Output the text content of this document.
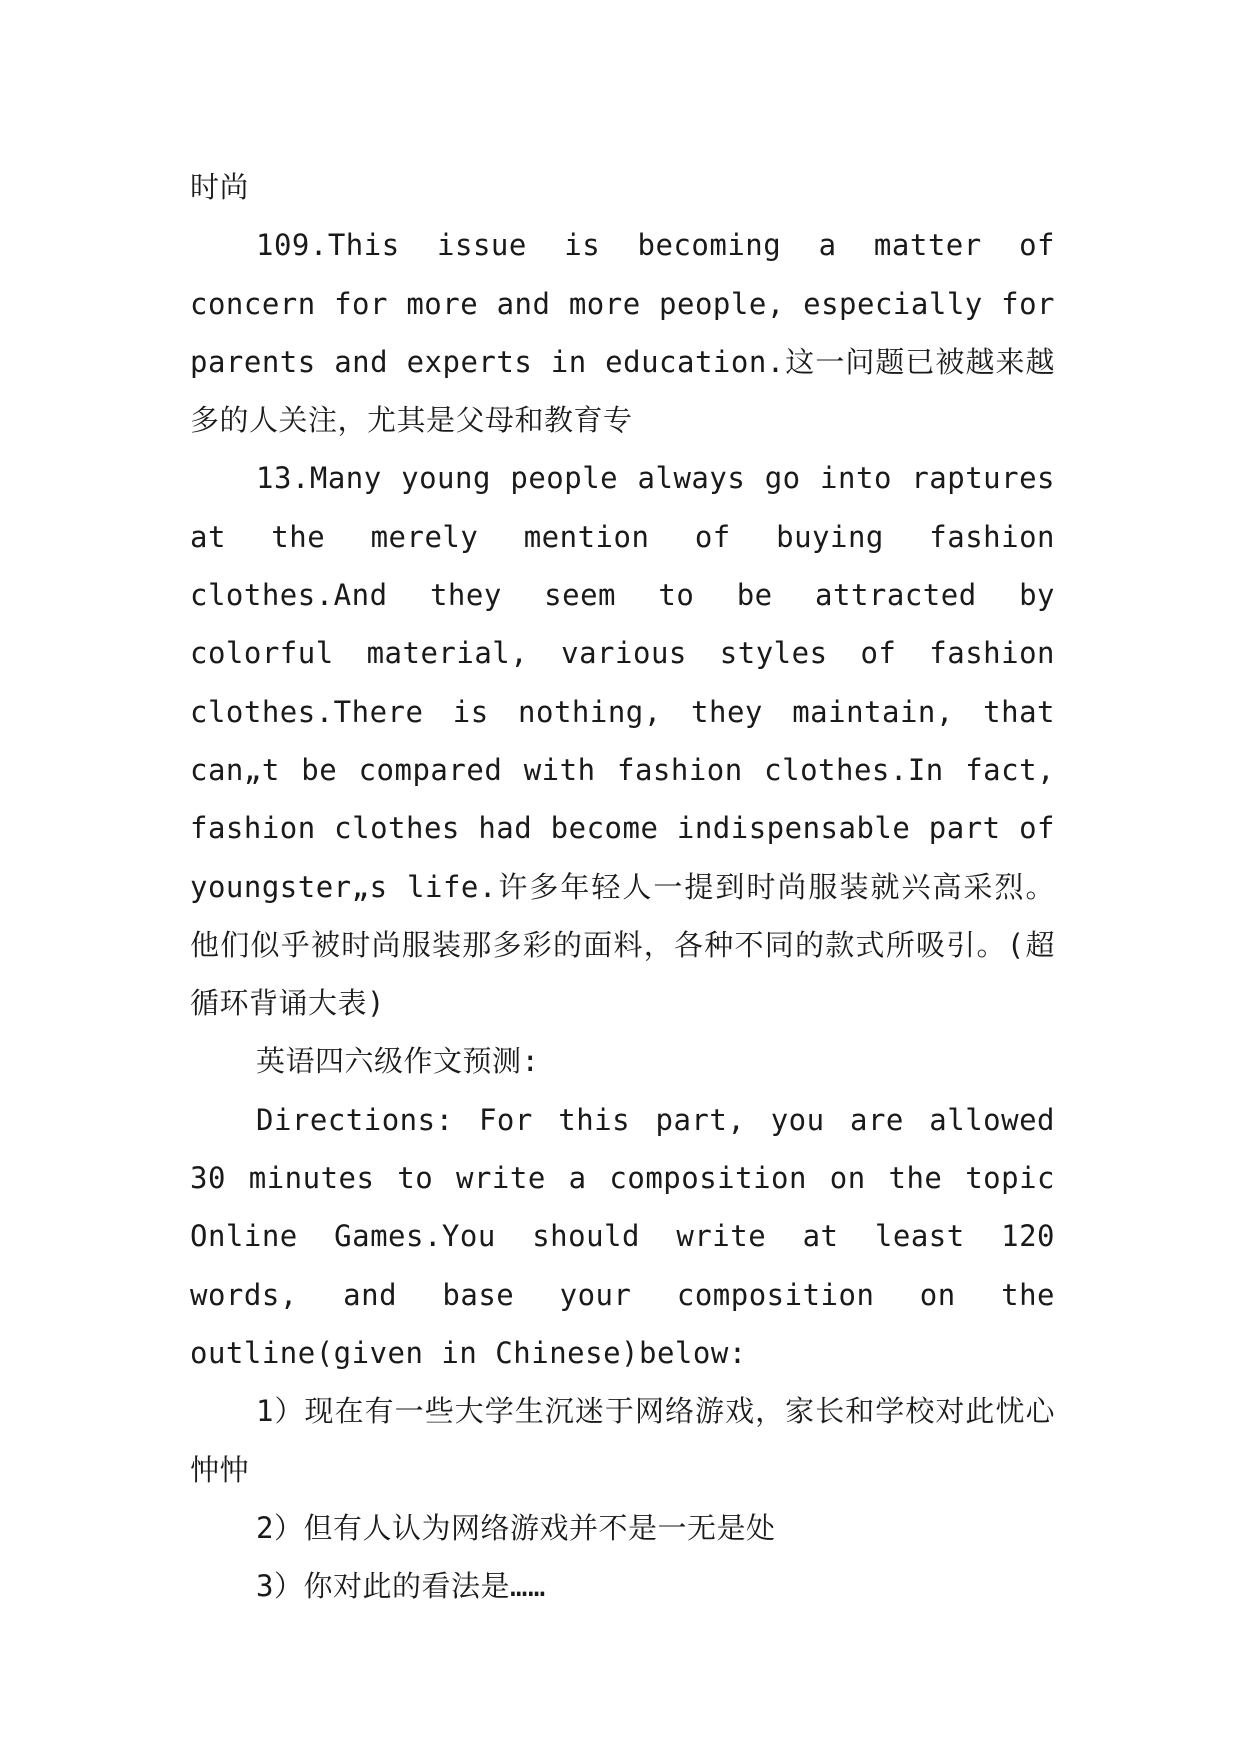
时尚

109.This issue is becoming a matter of concern for more and more people, especially for parents and experts in education.这一问题已被越来越多的人关注，尤其是父母和教育专

13.Many young people always go into raptures at the merely mention of buying fashion clothes.And they seem to be attracted by colorful material, various styles of fashion clothes.There is nothing, they maintain, that can„t be compared with fashion clothes.In fact, fashion clothes had become indispensable part of youngster„s life.许多年轻人一提到时尚服装就兴高采烈。他们似乎被时尚服装那多彩的面料，各种不同的款式所吸引。(超循环背诵大表)

英语四六级作文预测:

Directions: For this part, you are allowed 30 minutes to write a composition on the topic Online Games.You should write at least 120 words, and base your composition on the outline(given in Chinese)below:

1）现在有一些大学生沉迷于网络游戏，家长和学校对此忧心忡忡

2）但有人认为网络游戏并不是一无是处

3）你对此的看法是……
